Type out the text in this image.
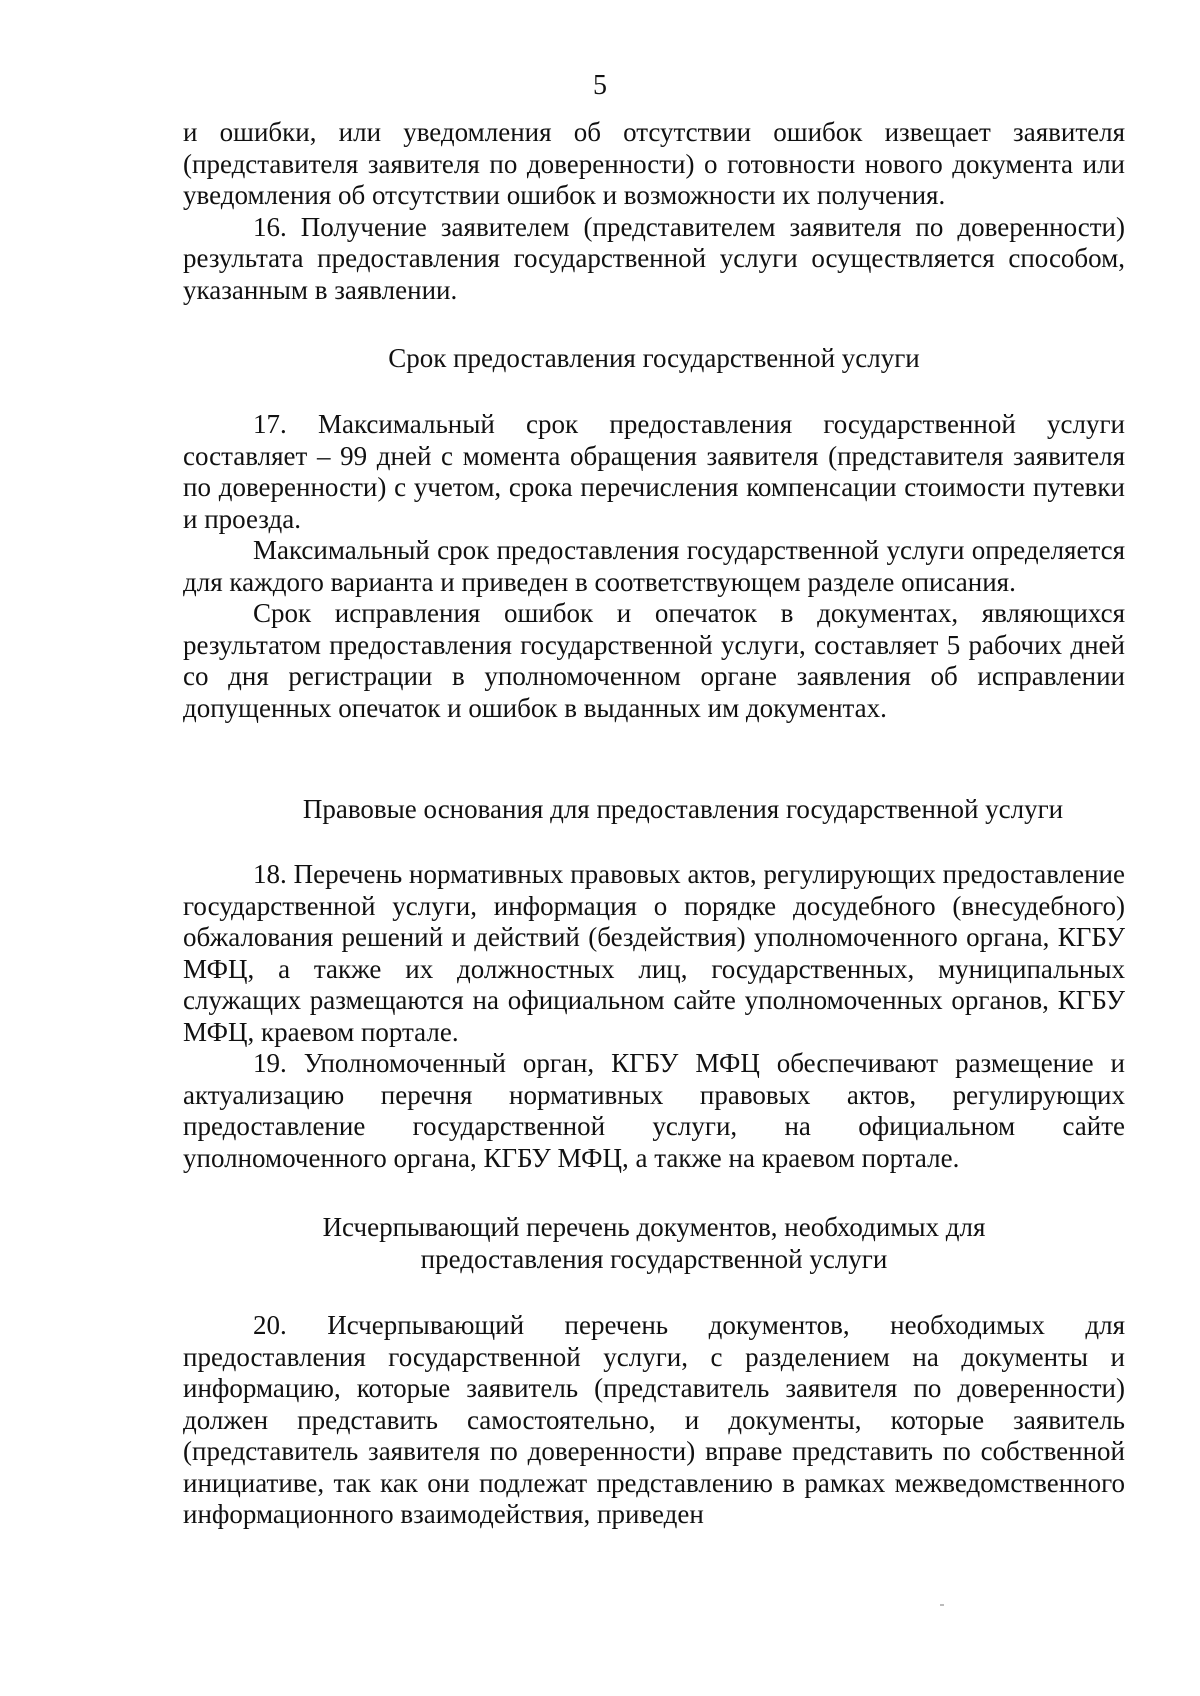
5

и ошибки, или уведомления об отсутствии ошибок извещает заявителя (представителя заявителя по доверенности) о готовности нового документа или уведомления об отсутствии ошибок и возможности их получения.

16. Получение заявителем (представителем заявителя по доверенности) результата предоставления государственной услуги осуществляется способом, указанным в заявлении.

Срок предоставления государственной услуги

17. Максимальный срок предоставления государственной услуги составляет – 99 дней с момента обращения заявителя (представителя заявителя по доверенности) с учетом, срока перечисления компенсации стоимости путевки и проезда.

Максимальный срок предоставления государственной услуги определяется для каждого варианта и приведен в соответствующем разделе описания.

Срок исправления ошибок и опечаток в документах, являющихся результатом предоставления государственной услуги, составляет 5 рабочих дней со дня регистрации в уполномоченном органе заявления об исправлении допущенных опечаток и ошибок в выданных им документах.

Правовые основания для предоставления государственной услуги

18. Перечень нормативных правовых актов, регулирующих предоставление государственной услуги, информация о порядке досудебного (внесудебного) обжалования решений и действий (бездействия) уполномоченного органа, КГБУ МФЦ, а также их должностных лиц, государственных, муниципальных служащих размещаются на официальном сайте уполномоченных органов, КГБУ МФЦ, краевом портале.

19. Уполномоченный орган, КГБУ МФЦ обеспечивают размещение и актуализацию перечня нормативных правовых актов, регулирующих предоставление государственной услуги, на официальном сайте уполномоченного органа, КГБУ МФЦ, а также на краевом портале.

Исчерпывающий перечень документов, необходимых для

предоставления государственной услуги

20. Исчерпывающий перечень документов, необходимых для предоставления государственной услуги, с разделением на документы и информацию, которые заявитель (представитель заявителя по доверенности) должен представить самостоятельно, и документы, которые заявитель (представитель заявителя по доверенности) вправе представить по собственной инициативе, так как они подлежат представлению в рамках межведомственного информационного взаимодействия, приведен
